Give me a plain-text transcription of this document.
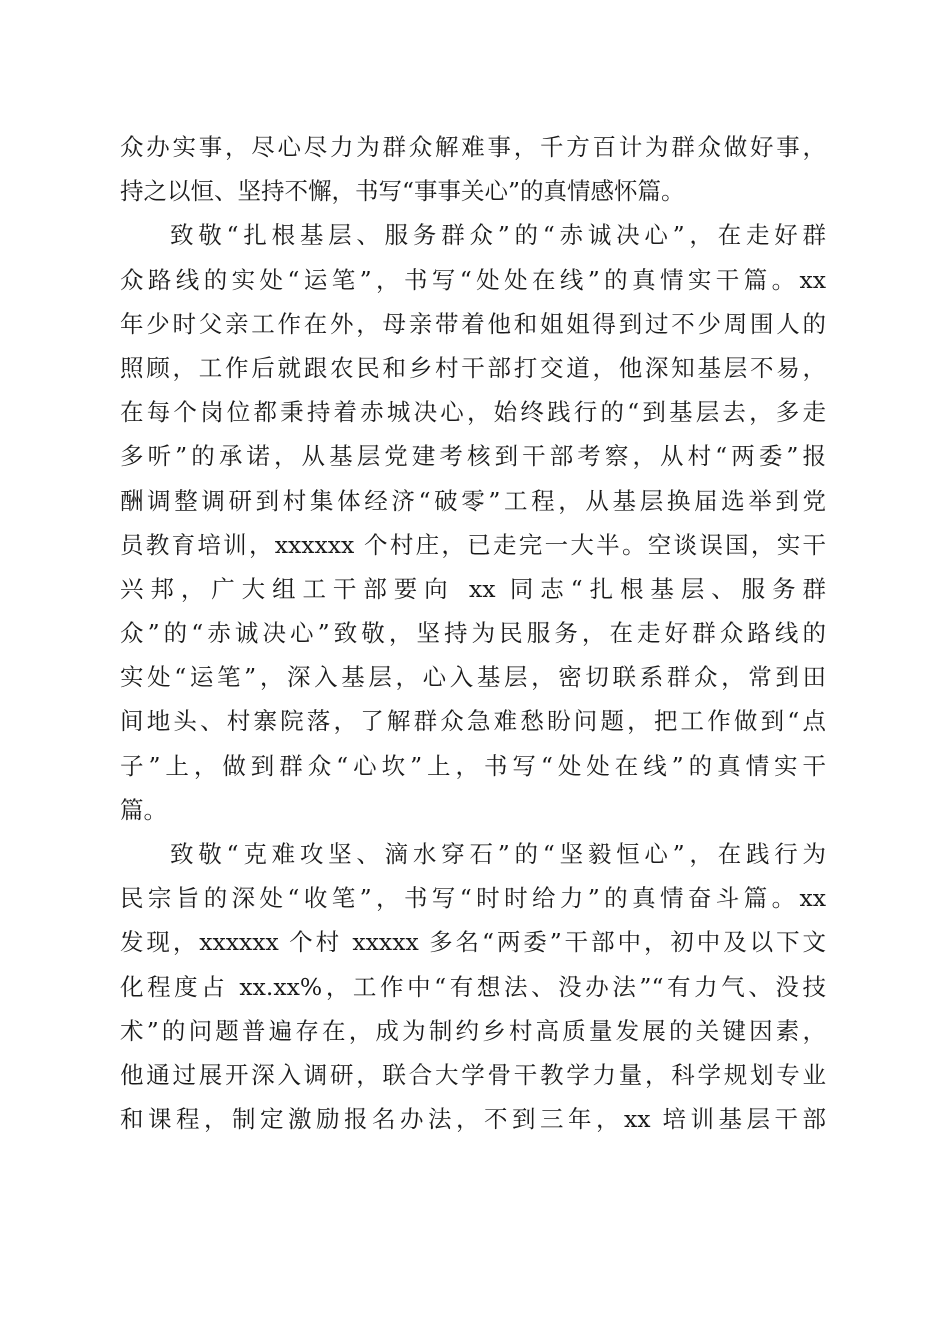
众办实事，尽心尽力为群众解难事，千方百计为群众做好事，
持之以恒、坚持不懈，书写“事事关心”的真情感怀篇。
致敬“扎根基层、服务群众”的“赤诚决心”，在走好群
众路线的实处“运笔”，书写“处处在线”的真情实干篇。xx
年少时父亲工作在外，母亲带着他和姐姐得到过不少周围人的
照顾，工作后就跟农民和乡村干部打交道，他深知基层不易，
在每个岗位都秉持着赤城决心，始终践行的“到基层去，多走
多听”的承诺，从基层党建考核到干部考察，从村“两委”报
酬调整调研到村集体经济“破零”工程，从基层换届选举到党
员教育培训，xxxxxx 个村庄，已走完一大半。空谈误国，实干
兴邦，广大组工干部要向 xx 同志“扎根基层、服务群
众”的“赤诚决心”致敬，坚持为民服务，在走好群众路线的
实处“运笔”，深入基层，心入基层，密切联系群众，常到田
间地头、村寨院落，了解群众急难愁盼问题，把工作做到“点
子”上，做到群众“心坎”上，书写“处处在线”的真情实干
篇。
致敬“克难攻坚、滴水穿石”的“坚毅恒心”，在践行为
民宗旨的深处“收笔”，书写“时时给力”的真情奋斗篇。xx
发现，xxxxxx 个村 xxxxx 多名“两委”干部中，初中及以下文
化程度占 xx.xx%，工作中“有想法、没办法”“有力气、没技
术”的问题普遍存在，成为制约乡村高质量发展的关键因素，
他通过展开深入调研，联合大学骨干教学力量，科学规划专业
和课程，制定激励报名办法，不到三年，xx 培训基层干部
